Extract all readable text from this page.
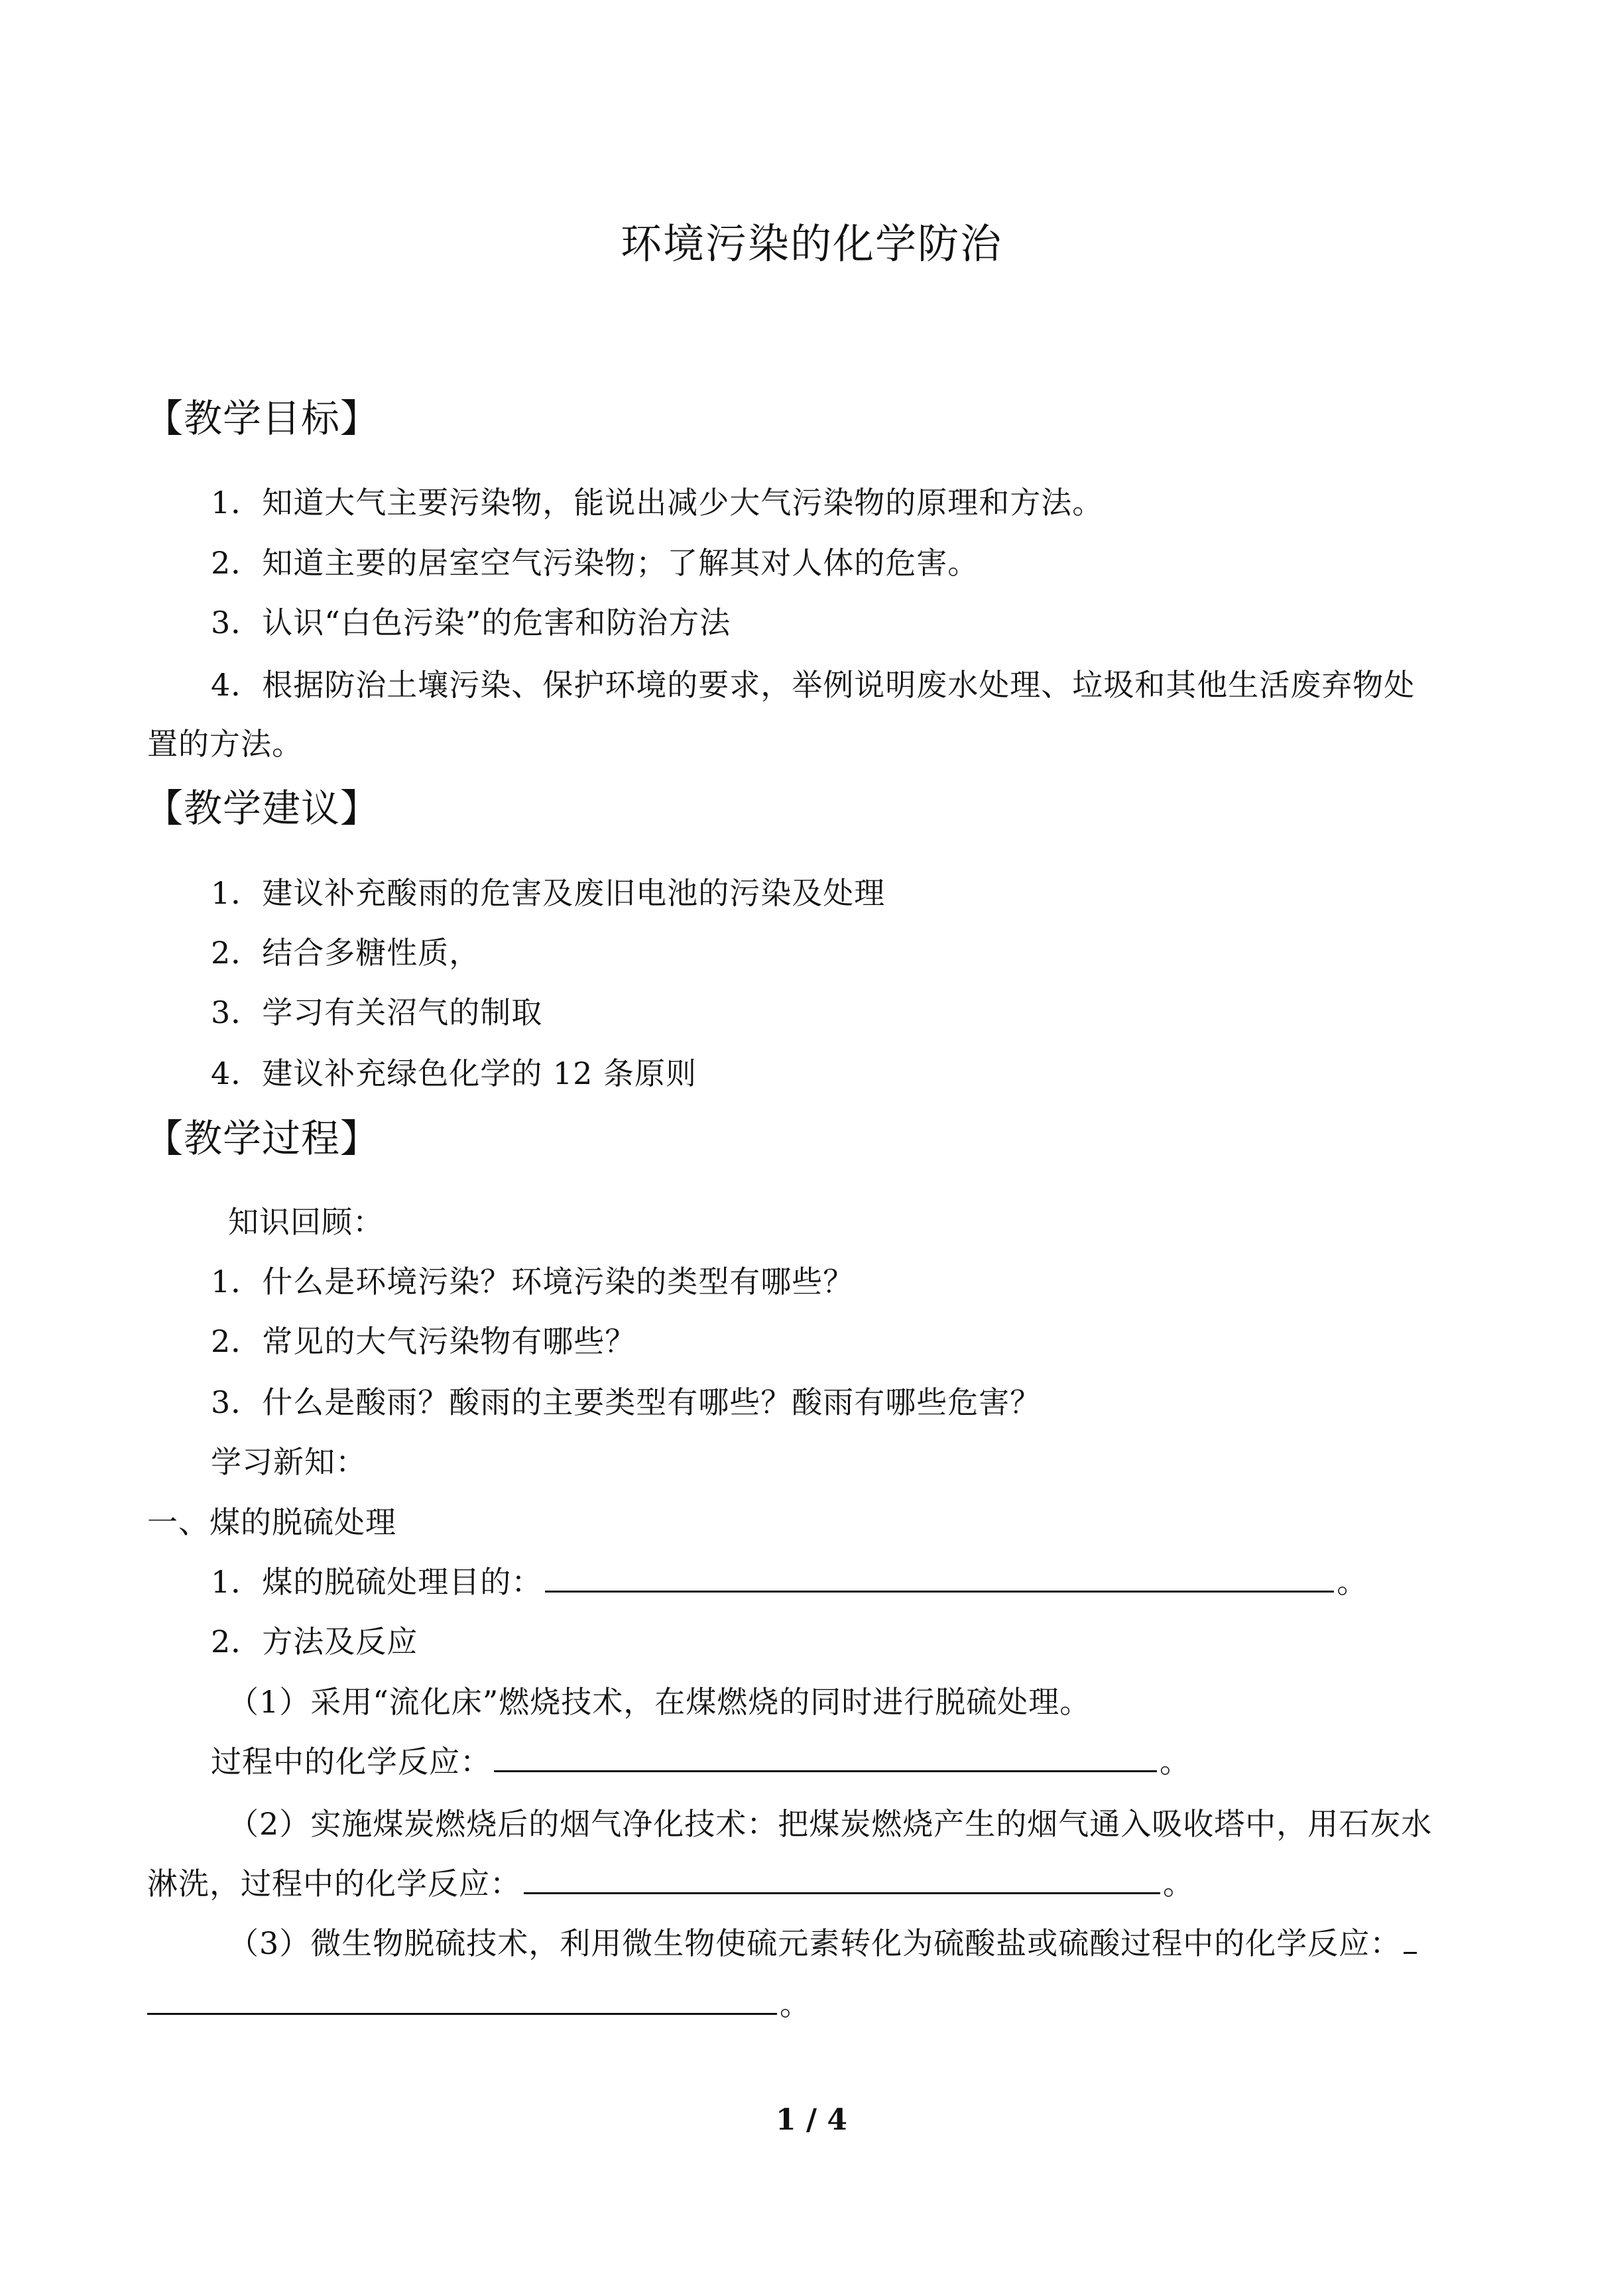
环境污染的化学防治
【教学目标】
1．知道大气主要污染物，能说出减少大气污染物的原理和方法。
2．知道主要的居室空气污染物；了解其对人体的危害。
3．认识“白色污染”的危害和防治方法
4．根据防治土壤污染、保护环境的要求，举例说明废水处理、垃圾和其他生活废弃物处
置的方法。
【教学建议】
1．建议补充酸雨的危害及废旧电池的污染及处理
2．结合多糖性质，
3．学习有关沼气的制取
4．建议补充绿色化学的 12 条原则
【教学过程】
知识回顾：
1．什么是环境污染？环境污染的类型有哪些？
2．常见的大气污染物有哪些？
3．什么是酸雨？酸雨的主要类型有哪些？酸雨有哪些危害？
学习新知：
一、煤的脱硫处理
1．煤的脱硫处理目的：	。
2．方法及反应
（1）采用“流化床”燃烧技术，在煤燃烧的同时进行脱硫处理。
过程中的化学反应：	。
（2）实施煤炭燃烧后的烟气净化技术：把煤炭燃烧产生的烟气通入吸收塔中，用石灰水
淋洗，过程中的化学反应：	。
（3）微生物脱硫技术，利用微生物使硫元素转化为硫酸盐或硫酸过程中的化学反应：
。
1 / 4
